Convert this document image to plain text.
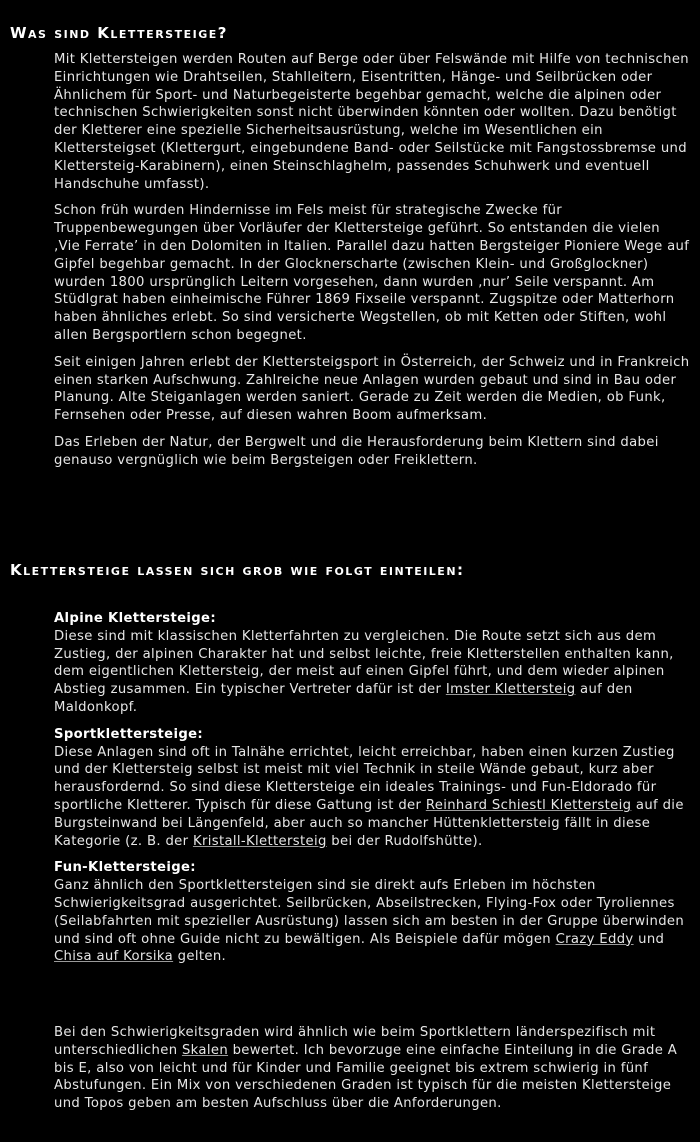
Was sind Klettersteige?

Mit Klettersteigen werden Routen auf Berge oder über Felswände mit Hilfe von technischen Einrichtungen wie Drahtseilen, Stahlleitern, Eisentritten, Hänge- und Seilbrücken oder Ähnlichem für Sport- und Naturbegeisterte begehbar gemacht, welche die alpinen oder technischen Schwierigkeiten sonst nicht überwinden könnten oder wollten. Dazu benötigt der Kletterer eine spezielle Sicherheitsausrüstung, welche im Wesentlichen ein Klettersteigset (Klettergurt, eingebundene Band- oder Seilstücke mit Fangstossbremse und Klettersteig-Karabinern), einen Steinschlaghelm, passendes Schuhwerk und eventuell Handschuhe umfasst).

Schon früh wurden Hindernisse im Fels meist für strategische Zwecke für Truppenbewegungen über Vorläufer der Klettersteige geführt. So entstanden die vielen ‚Vie Ferrate’ in den Dolomiten in Italien. Parallel dazu hatten Bergsteiger Pioniere Wege auf Gipfel begehbar gemacht. In der Glocknerscharte (zwischen Klein- und Großglockner) wurden 1800 ursprünglich Leitern vorgesehen, dann wurden ‚nur’ Seile verspannt. Am Stüdlgrat haben einheimische Führer 1869 Fixseile verspannt. Zugspitze oder Matterhorn haben ähnliches erlebt. So sind versicherte Wegstellen, ob mit Ketten oder Stiften, wohl allen Bergsportlern schon begegnet.

Seit einigen Jahren erlebt der Klettersteigsport in Österreich, der Schweiz und in Frankreich einen starken Aufschwung. Zahlreiche neue Anlagen wurden gebaut und sind in Bau oder Planung. Alte Steiganlagen werden saniert. Gerade zu Zeit werden die Medien, ob Funk, Fernsehen oder Presse, auf diesen wahren Boom aufmerksam.

Das Erleben der Natur, der Bergwelt und die Herausforderung beim Klettern sind dabei genauso vergnüglich wie beim Bergsteigen oder Freiklettern.

Klettersteige lassen sich grob wie folgt einteilen:
Alpine Klettersteige:
Diese sind mit klassischen Kletterfahrten zu vergleichen. Die Route setzt sich aus dem Zustieg, der alpinen Charakter hat und selbst leichte, freie Kletterstellen enthalten kann, dem eigentlichen Klettersteig, der meist auf einen Gipfel führt, und dem wieder alpinen Abstieg zusammen. Ein typischer Vertreter dafür ist der Imster Klettersteig auf den Maldonkopf.
Sportklettersteige:
Diese Anlagen sind oft in Talnähe errichtet, leicht erreichbar, haben einen kurzen Zustieg und der Klettersteig selbst ist meist mit viel Technik in steile Wände gebaut, kurz aber herausfordernd. So sind diese Klettersteige ein ideales Trainings- und Fun-Eldorado für sportliche Kletterer. Typisch für diese Gattung ist der Reinhard Schiestl Klettersteig auf die Burgsteinwand bei Längenfeld, aber auch so mancher Hüttenklettersteig fällt in diese Kategorie (z. B. der Kristall-Klettersteig bei der Rudolfshütte).
Fun-Klettersteige:
Ganz ähnlich den Sportklettersteigen sind sie direkt aufs Erleben im höchsten Schwierigkeitsgrad ausgerichtet. Seilbrücken, Abseilstrecken, Flying-Fox oder Tyroliennes (Seilabfahrten mit spezieller Ausrüstung) lassen sich am besten in der Gruppe überwinden und sind oft ohne Guide nicht zu bewältigen. Als Beispiele dafür mögen Crazy Eddy und Chisa auf Korsika gelten.

Bei den Schwierigkeitsgraden wird ähnlich wie beim Sportklettern länderspezifisch mit unterschiedlichen Skalen bewertet. Ich bevorzuge eine einfache Einteilung in die Grade A bis E, also von leicht und für Kinder und Familie geeignet bis extrem schwierig in fünf Abstufungen. Ein Mix von verschiedenen Graden ist typisch für die meisten Klettersteige und Topos geben am besten Aufschluss über die Anforderungen.
